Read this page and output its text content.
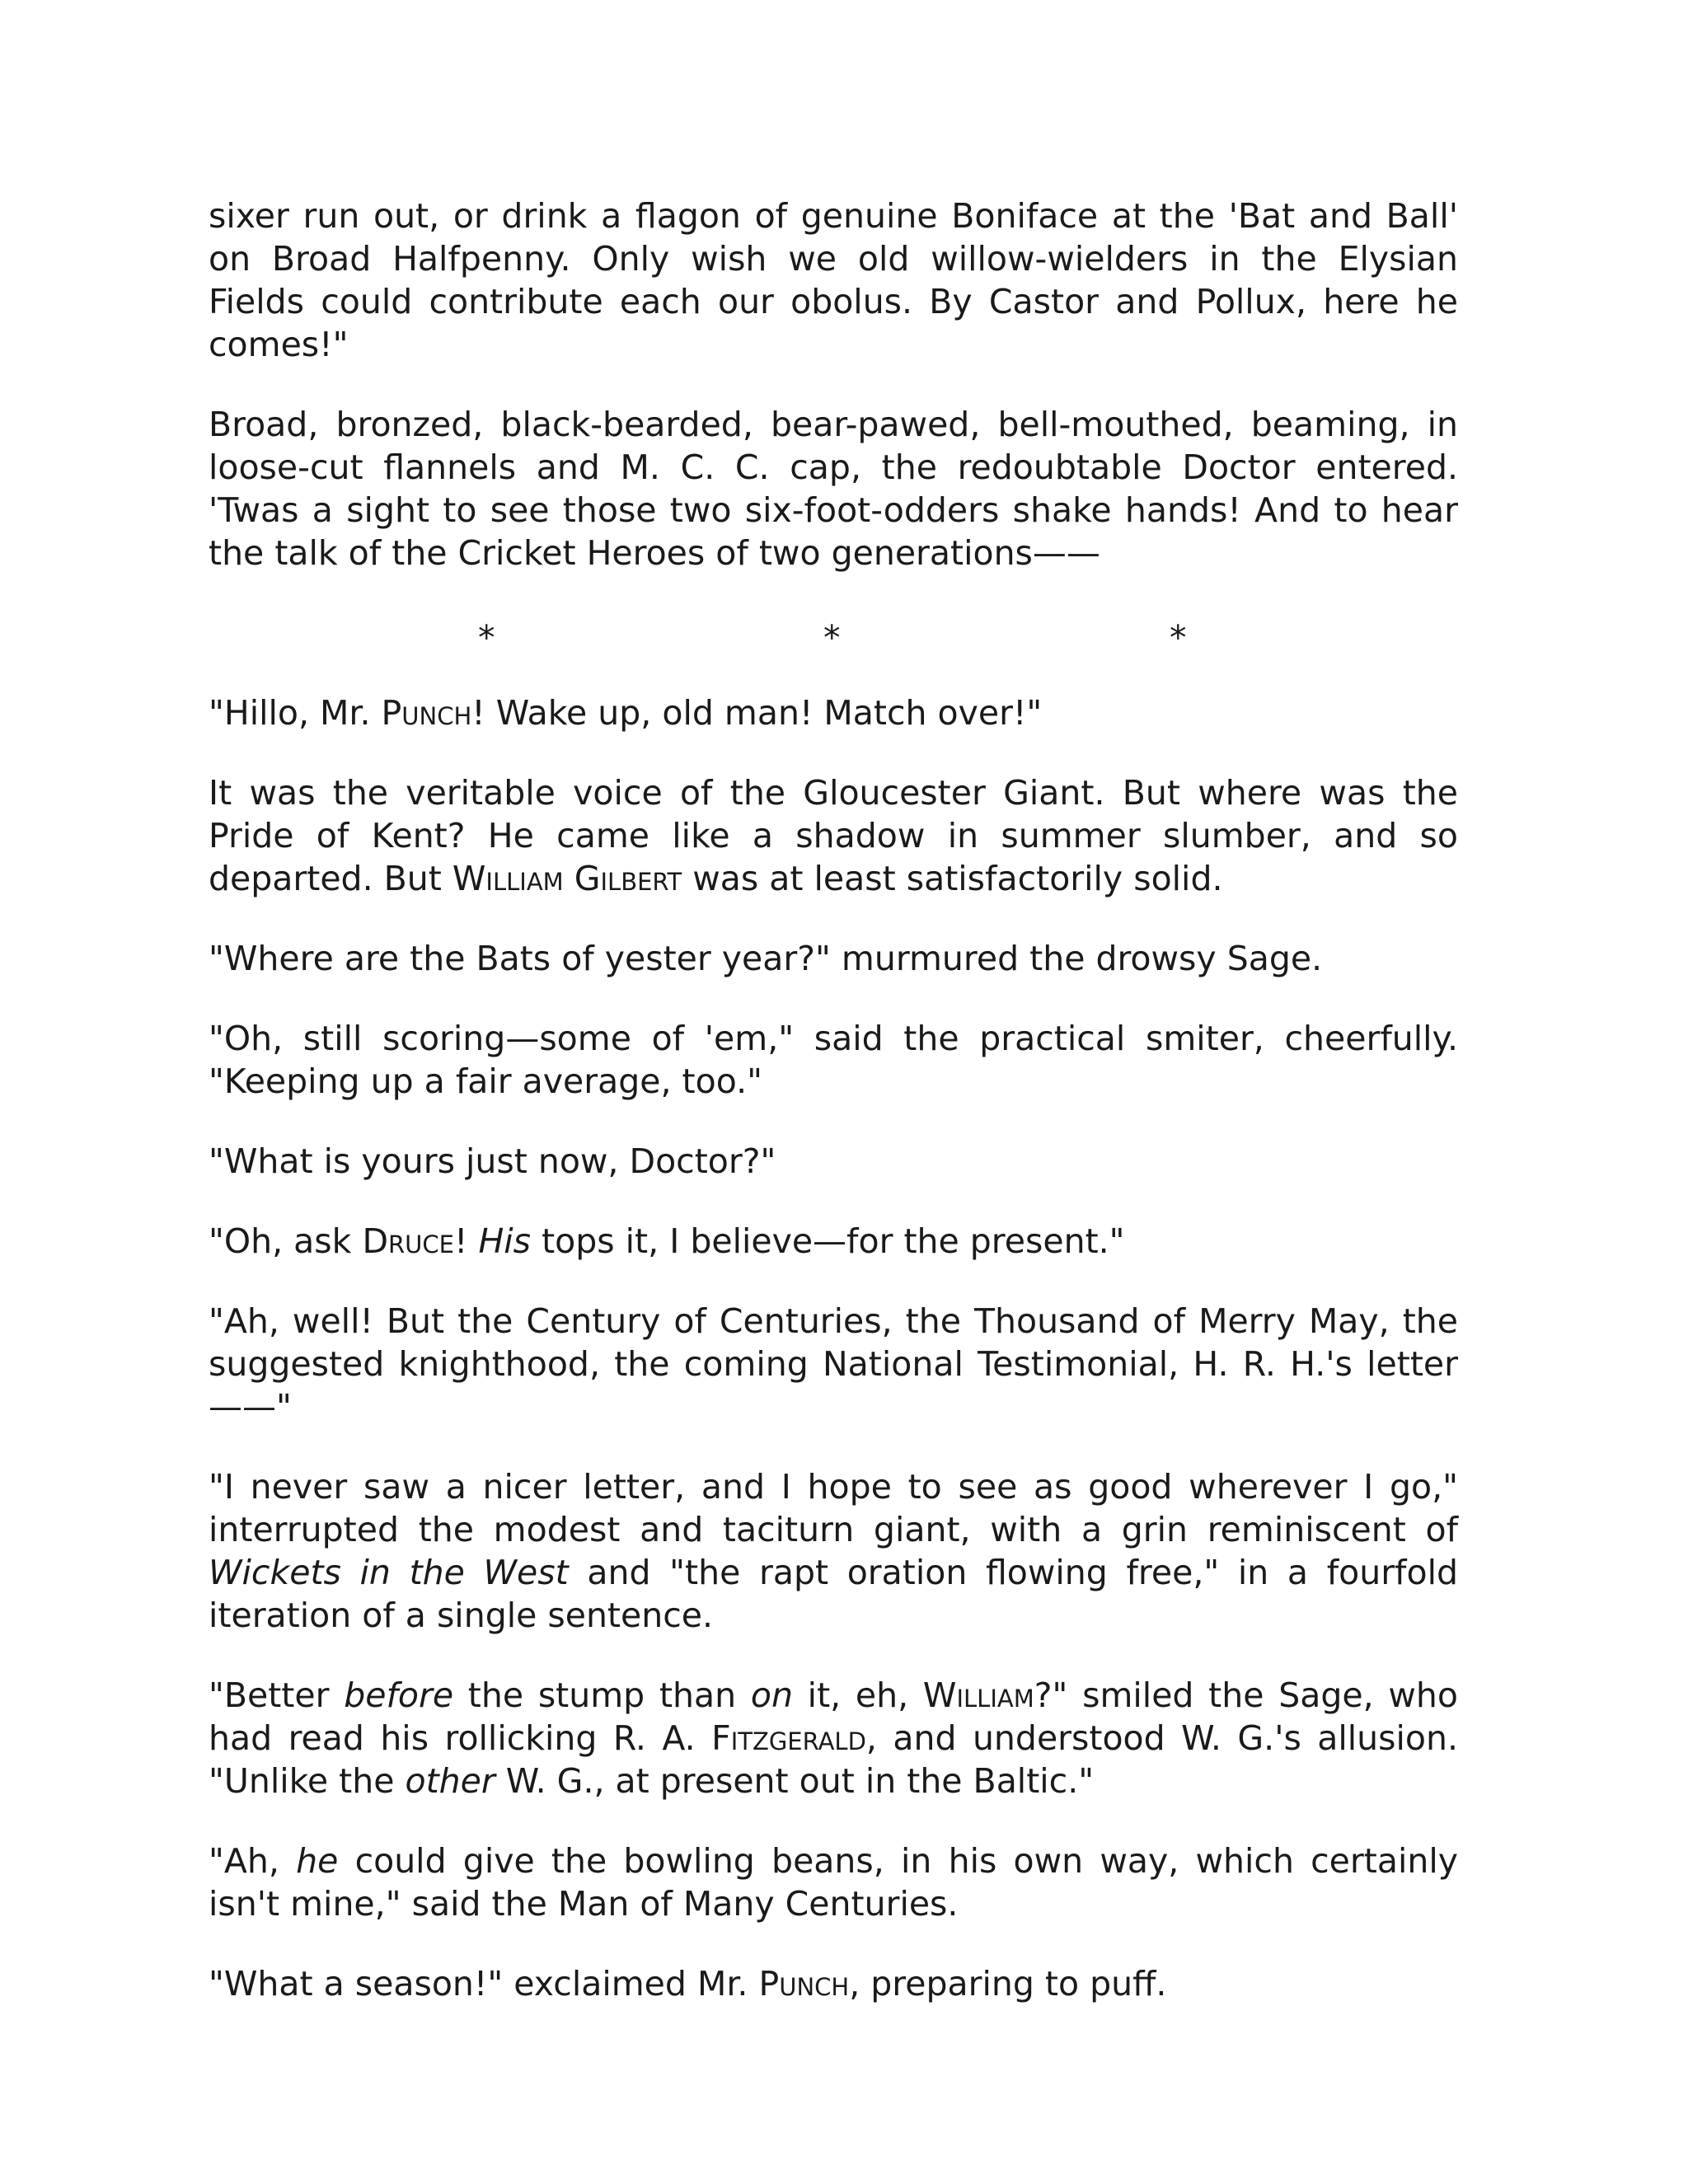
sixer run out, or drink a flagon of genuine Boniface at the 'Bat and Ball' on Broad Halfpenny. Only wish we old willow-wielders in the Elysian Fields could contribute each our obolus. By Castor and Pollux, here he comes!"

Broad, bronzed, black-bearded, bear-pawed, bell-mouthed, beaming, in loose-cut flannels and M. C. C. cap, the redoubtable Doctor entered. 'Twas a sight to see those two six-foot-odders shake hands! And to hear the talk of the Cricket Heroes of two generations——

*	*	*

"Hillo, Mr. Punch! Wake up, old man! Match over!"

It was the veritable voice of the Gloucester Giant. But where was the Pride of Kent? He came like a shadow in summer slumber, and so departed. But William Gilbert was at least satisfactorily solid.

"Where are the Bats of yester year?" murmured the drowsy Sage.

"Oh, still scoring—some of 'em," said the practical smiter, cheerfully. "Keeping up a fair average, too."

"What is yours just now, Doctor?"

"Oh, ask Druce! His tops it, I believe—for the present."

"Ah, well! But the Century of Centuries, the Thousand of Merry May, the suggested knighthood, the coming National Testimonial, H. R. H.'s letter——"

"I never saw a nicer letter, and I hope to see as good wherever I go," interrupted the modest and taciturn giant, with a grin reminiscent of Wickets in the West and "the rapt oration flowing free," in a fourfold iteration of a single sentence.

"Better before the stump than on it, eh, William?" smiled the Sage, who had read his rollicking R. A. Fitzgerald, and understood W. G.'s allusion. "Unlike the other W. G., at present out in the Baltic."

"Ah, he could give the bowling beans, in his own way, which certainly isn't mine," said the Man of Many Centuries.

"What a season!" exclaimed Mr. Punch, preparing to puff.
